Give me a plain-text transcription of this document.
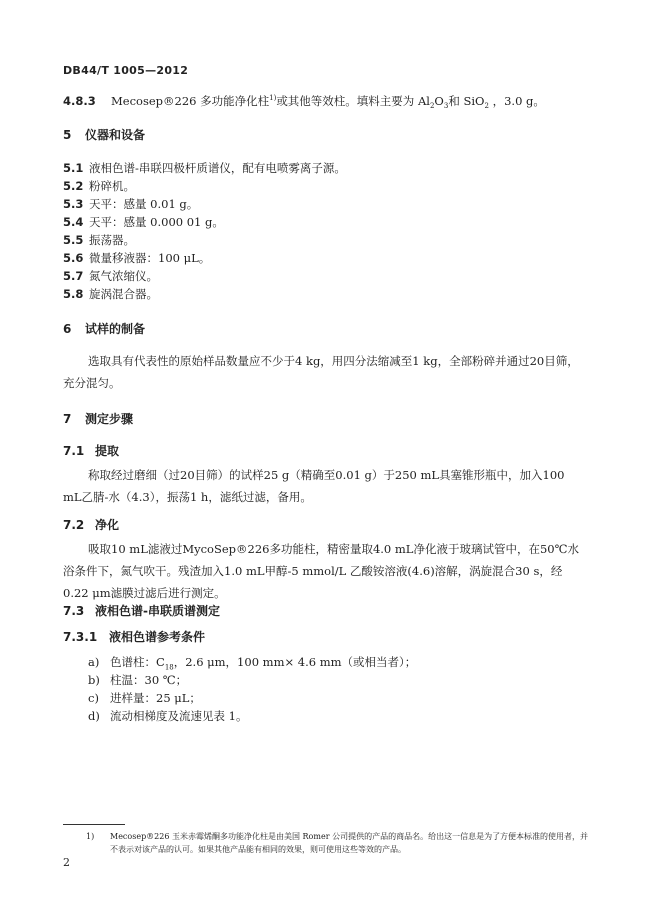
DB44/T 1005—2012
4.8.3 Mecosep®226 多功能净化柱$^{1)}$或其他等效柱。填料主要为 $Al_2O_3$和 SiO$_2$ ，3.0 g。
5 仪器和设备
5.1 液相色谱-串联四极杆质谱仪，配有电喷雾离子源。
5.2 粉碎机。
5.3 天平：感量 0.01 g。
5.4 天平：感量 0.000 01 g。
5.5 振荡器。
5.6 微量移液器：100 μL。
5.7 氮气浓缩仪。
5.8 旋涡混合器。
6 试样的制备

选取具有代表性的原始样品数量应不少于4 kg，用四分法缩减至1 kg，全部粉碎并通过20目筛，充分混匀。

7 测定步骤
7.1 提取

称取经过磨细（过20目筛）的试样25 g（精确至0.01 g）于250 mL具塞锥形瓶中，加入100 mL乙腈-水（4.3），振荡1 h，滤纸过滤，备用。

7.2 净化

吸取10 mL滤液过MycoSep®226多功能柱，精密量取4.0 mL净化液于玻璃试管中，在50℃水浴条件下，氮气吹干。残渣加入1.0 mL甲醇-5 mmol/L 乙酸铵溶液(4.6)溶解，涡旋混合30 s，经0.22 μm滤膜过滤后进行测定。

7.3 液相色谱-串联质谱测定
7.3.1 液相色谱参考条件
a) 色谱柱：$C_{18}$，2.6 μm，100 mm× 4.6 mm（或相当者）；
b) 柱温：30 ℃；
c) 进样量：25 μL；
d) 流动相梯度及流速见表 1。
1)	Mecosep®226 玉米赤霉烯酮多功能净化柱是由美国 Romer 公司提供的产品的商品名。给出这一信息是为了方便本标准的使用者，并不表示对该产品的认可。如果其他产品能有相同的效果，则可使用这些等效的产品。
2
